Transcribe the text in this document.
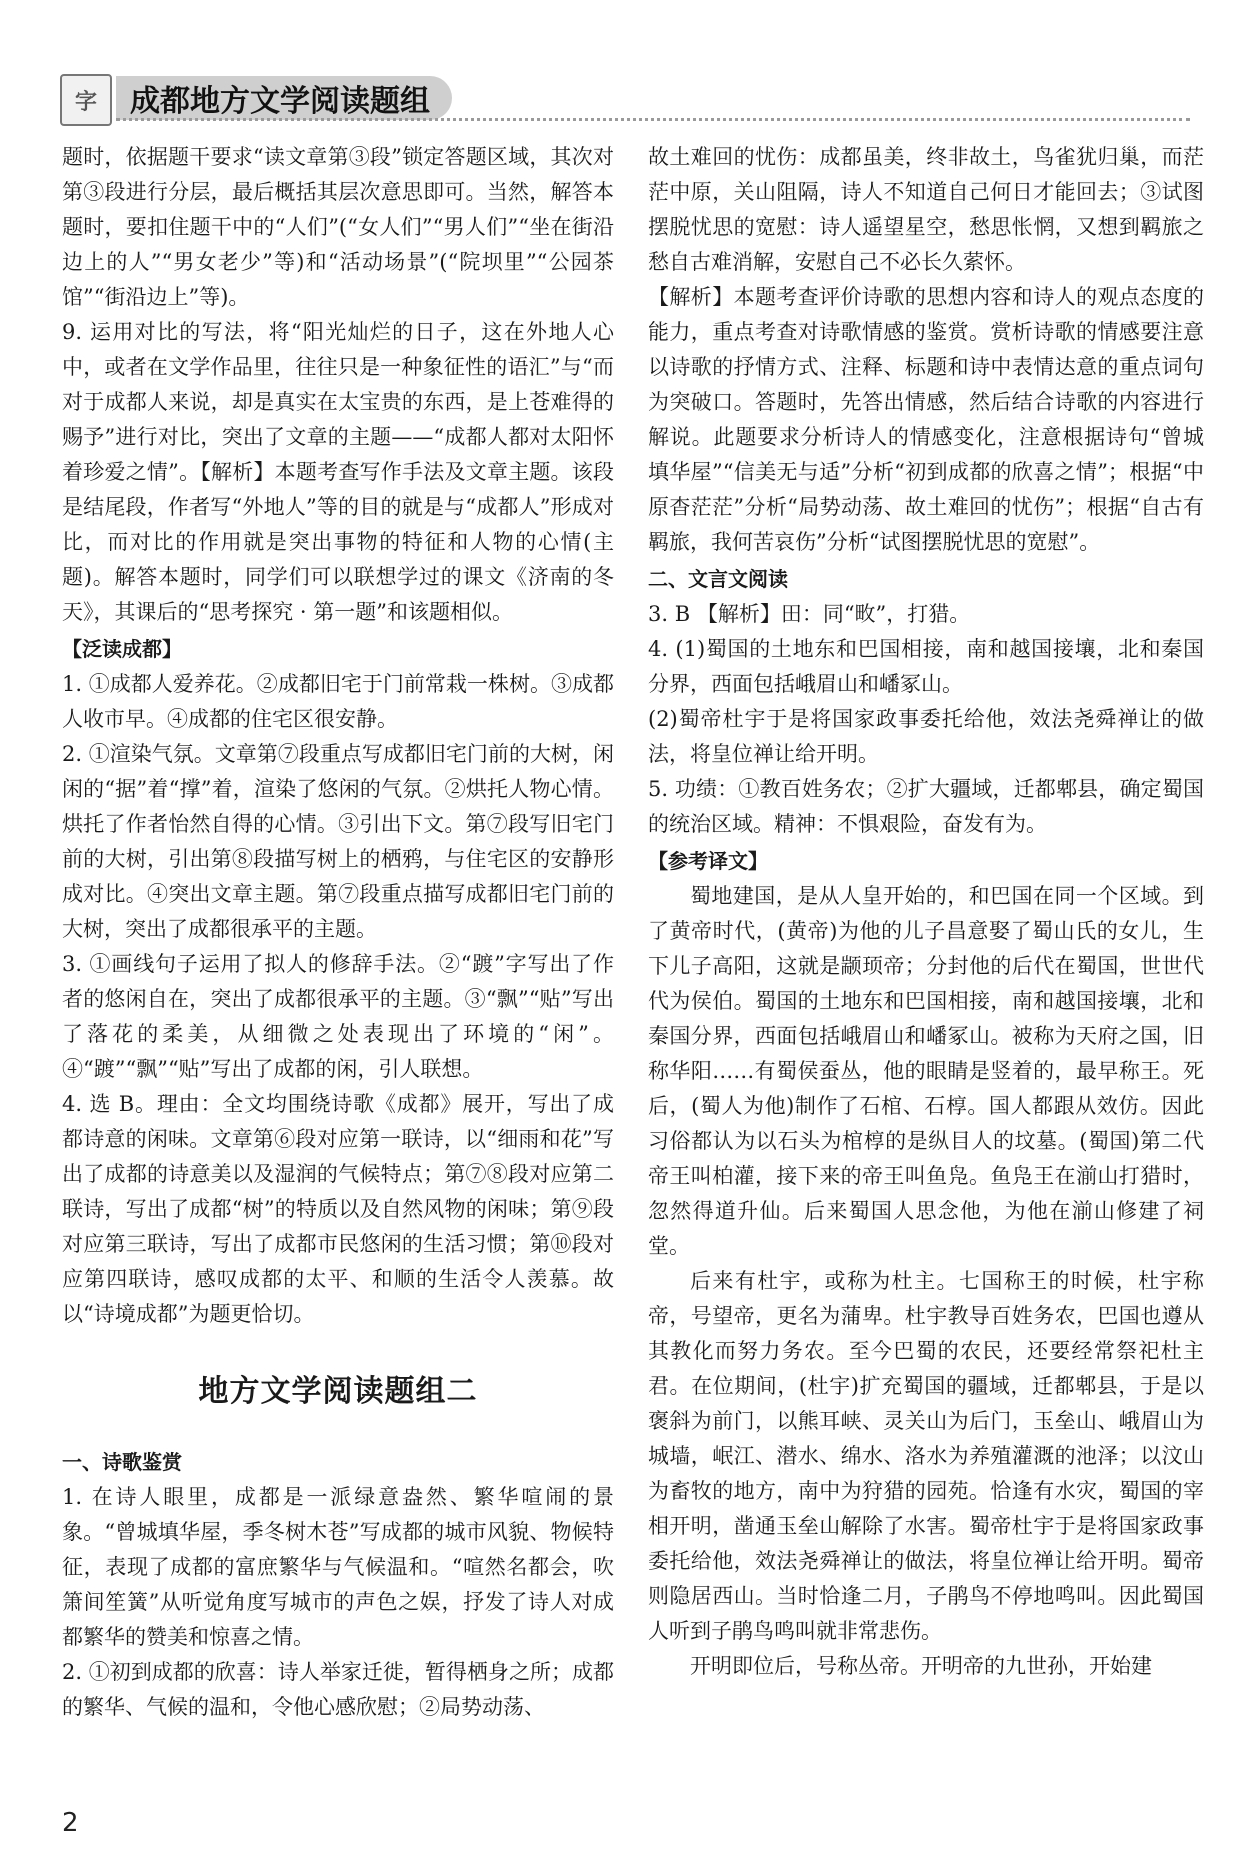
字	成都地方文学阅读题组

题时，依据题干要求“读文章第③段”锁定答题区域，其次对第③段进行分层，最后概括其层次意思即可。当然，解答本题时，要扣住题干中的“人们”(“女人们”“男人们”“坐在街沿边上的人”“男女老少”等)和“活动场景”(“院坝里”“公园茶馆”“街沿边上”等)。

9. 运用对比的写法，将“阳光灿烂的日子，这在外地人心中，或者在文学作品里，往往只是一种象征性的语汇”与“而对于成都人来说，却是真实在太宝贵的东西，是上苍难得的赐予”进行对比，突出了文章的主题——“成都人都对太阳怀着珍爱之情”。【解析】本题考查写作手法及文章主题。该段是结尾段，作者写“外地人”等的目的就是与“成都人”形成对比，而对比的作用就是突出事物的特征和人物的心情(主题)。解答本题时，同学们可以联想学过的课文《济南的冬天》，其课后的“思考探究 · 第一题”和该题相似。

【泛读成都】

1. ①成都人爱养花。②成都旧宅于门前常栽一株树。③成都人收市早。④成都的住宅区很安静。

2. ①渲染气氛。文章第⑦段重点写成都旧宅门前的大树，闲闲的“据”着“撑”着，渲染了悠闲的气氛。②烘托人物心情。烘托了作者怡然自得的心情。③引出下文。第⑦段写旧宅门前的大树，引出第⑧段描写树上的栖鸦，与住宅区的安静形成对比。④突出文章主题。第⑦段重点描写成都旧宅门前的大树，突出了成都很承平的主题。

3. ①画线句子运用了拟人的修辞手法。②“踱”字写出了作者的悠闲自在，突出了成都很承平的主题。③“飘”“贴”写出了落花的柔美，从细微之处表现出了环境的“闲”。④“踱”“飘”“贴”写出了成都的闲，引人联想。

4. 选 B。理由：全文均围绕诗歌《成都》展开，写出了成都诗意的闲味。文章第⑥段对应第一联诗，以“细雨和花”写出了成都的诗意美以及湿润的气候特点；第⑦⑧段对应第二联诗，写出了成都“树”的特质以及自然风物的闲味；第⑨段对应第三联诗，写出了成都市民悠闲的生活习惯；第⑩段对应第四联诗，感叹成都的太平、和顺的生活令人羡慕。故以“诗境成都”为题更恰切。

地方文学阅读题组二

一、诗歌鉴赏

1. 在诗人眼里，成都是一派绿意盎然、繁华喧闹的景象。“曾城填华屋，季冬树木苍”写成都的城市风貌、物候特征，表现了成都的富庶繁华与气候温和。“喧然名都会，吹箫间笙簧”从听觉角度写城市的声色之娱，抒发了诗人对成都繁华的赞美和惊喜之情。

2. ①初到成都的欣喜：诗人举家迁徙，暂得栖身之所；成都的繁华、气候的温和，令他心感欣慰；②局势动荡、

故土难回的忧伤：成都虽美，终非故土，鸟雀犹归巢，而茫茫中原，关山阻隔，诗人不知道自己何日才能回去；③试图摆脱忧思的宽慰：诗人遥望星空，愁思怅惘，又想到羁旅之愁自古难消解，安慰自己不必长久萦怀。

【解析】本题考查评价诗歌的思想内容和诗人的观点态度的能力，重点考查对诗歌情感的鉴赏。赏析诗歌的情感要注意以诗歌的抒情方式、注释、标题和诗中表情达意的重点词句为突破口。答题时，先答出情感，然后结合诗歌的内容进行解说。此题要求分析诗人的情感变化，注意根据诗句“曾城填华屋”“信美无与适”分析“初到成都的欣喜之情”；根据“中原杳茫茫”分析“局势动荡、故土难回的忧伤”；根据“自古有羁旅，我何苦哀伤”分析“试图摆脱忧思的宽慰”。

二、文言文阅读

3. B 【解析】田：同“畋”，打猎。

4. (1)蜀国的土地东和巴国相接，南和越国接壤，北和秦国分界，西面包括峨眉山和嶓冢山。

(2)蜀帝杜宇于是将国家政事委托给他，效法尧舜禅让的做法，将皇位禅让给开明。

5. 功绩：①教百姓务农；②扩大疆域，迁都郫县，确定蜀国的统治区域。精神：不惧艰险，奋发有为。

【参考译文】

蜀地建国，是从人皇开始的，和巴国在同一个区域。到了黄帝时代，(黄帝)为他的儿子昌意娶了蜀山氏的女儿，生下儿子高阳，这就是颛顼帝；分封他的后代在蜀国，世世代代为侯伯。蜀国的土地东和巴国相接，南和越国接壤，北和秦国分界，西面包括峨眉山和嶓冢山。被称为天府之国，旧称华阳……有蜀侯蚕丛，他的眼睛是竖着的，最早称王。死后，(蜀人为他)制作了石棺、石椁。国人都跟从效仿。因此习俗都认为以石头为棺椁的是纵目人的坟墓。(蜀国)第二代帝王叫柏灌，接下来的帝王叫鱼凫。鱼凫王在湔山打猎时，忽然得道升仙。后来蜀国人思念他，为他在湔山修建了祠堂。

后来有杜宇，或称为杜主。七国称王的时候，杜宇称帝，号望帝，更名为蒲卑。杜宇教导百姓务农，巴国也遵从其教化而努力务农。至今巴蜀的农民，还要经常祭祀杜主君。在位期间，(杜宇)扩充蜀国的疆域，迁都郫县，于是以褒斜为前门，以熊耳峡、灵关山为后门，玉垒山、峨眉山为城墙，岷江、潜水、绵水、洛水为养殖灌溉的池泽；以汶山为畜牧的地方，南中为狩猎的园苑。恰逢有水灾，蜀国的宰相开明，凿通玉垒山解除了水害。蜀帝杜宇于是将国家政事委托给他，效法尧舜禅让的做法，将皇位禅让给开明。蜀帝则隐居西山。当时恰逢二月，子鹃鸟不停地鸣叫。因此蜀国人听到子鹃鸟鸣叫就非常悲伤。

开明即位后，号称丛帝。开明帝的九世孙，开始建

2
